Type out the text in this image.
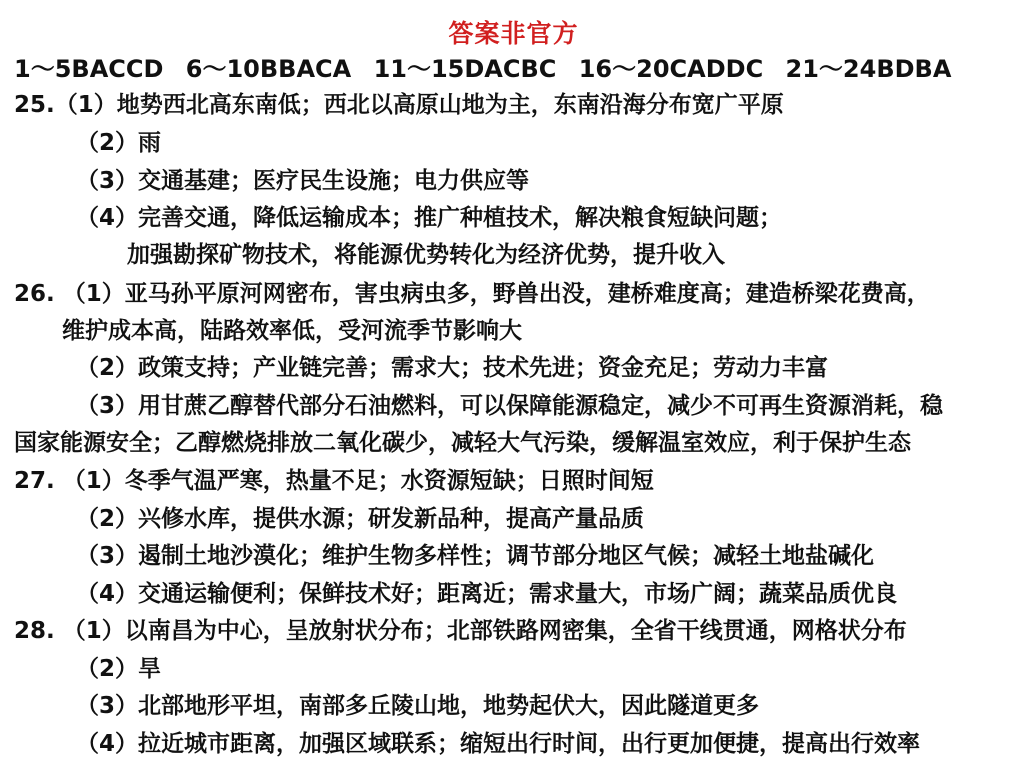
答案非官方
1～5BACCD 6～10BBACA 11～15DACBC 16～20CADDC 21～24BDBA
25.（1）地势西北高东南低；西北以高原山地为主，东南沿海分布宽广平原
（2）雨
（3）交通基建；医疗民生设施；电力供应等
（4）完善交通，降低运输成本；推广种植技术，解决粮食短缺问题；
加强勘探矿物技术，将能源优势转化为经济优势，提升收入
26. （1）亚马孙平原河网密布，害虫病虫多，野兽出没，建桥难度高；建造桥梁花费高，
维护成本高，陆路效率低，受河流季节影响大
（2）政策支持；产业链完善；需求大；技术先进；资金充足；劳动力丰富
（3）用甘蔗乙醇替代部分石油燃料，可以保障能源稳定，减少不可再生资源消耗，稳
国家能源安全；乙醇燃烧排放二氧化碳少，减轻大气污染，缓解温室效应，利于保护生态
27. （1）冬季气温严寒，热量不足；水资源短缺；日照时间短
（2）兴修水库，提供水源；研发新品种，提高产量品质
（3）遏制土地沙漠化；维护生物多样性；调节部分地区气候；减轻土地盐碱化
（4）交通运输便利；保鲜技术好；距离近；需求量大，市场广阔；蔬菜品质优良
28. （1）以南昌为中心，呈放射状分布；北部铁路网密集，全省干线贯通，网格状分布
（2）旱
（3）北部地形平坦，南部多丘陵山地，地势起伏大，因此隧道更多
（4）拉近城市距离，加强区域联系；缩短出行时间，出行更加便捷，提高出行效率
